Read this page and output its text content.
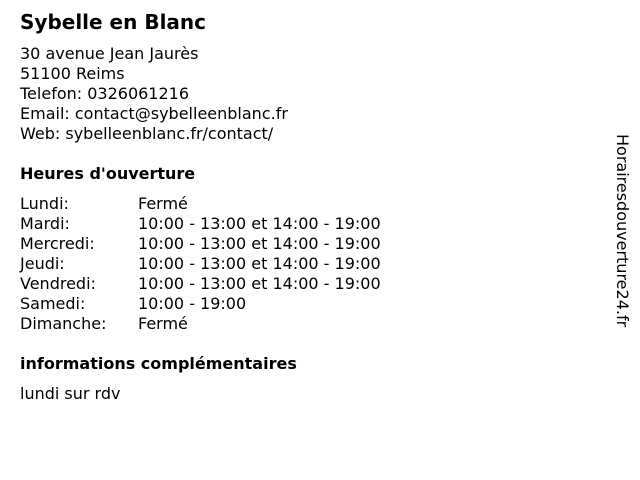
Sybelle en Blanc
30 avenue Jean Jaurès
51100 Reims
Telefon: 0326061216
Email: contact@sybelleenblanc.fr
Web: sybelleenblanc.fr/contact/
Heures d'ouverture
Lundi:	Fermé
Mardi:	10:00 - 13:00 et 14:00 - 19:00
Mercredi:	10:00 - 13:00 et 14:00 - 19:00
Jeudi:	10:00 - 13:00 et 14:00 - 19:00
Vendredi:	10:00 - 13:00 et 14:00 - 19:00
Samedi:	10:00 - 19:00
Dimanche:	Fermé
informations complémentaires
lundi sur rdv
Horairesdouverture24.fr
